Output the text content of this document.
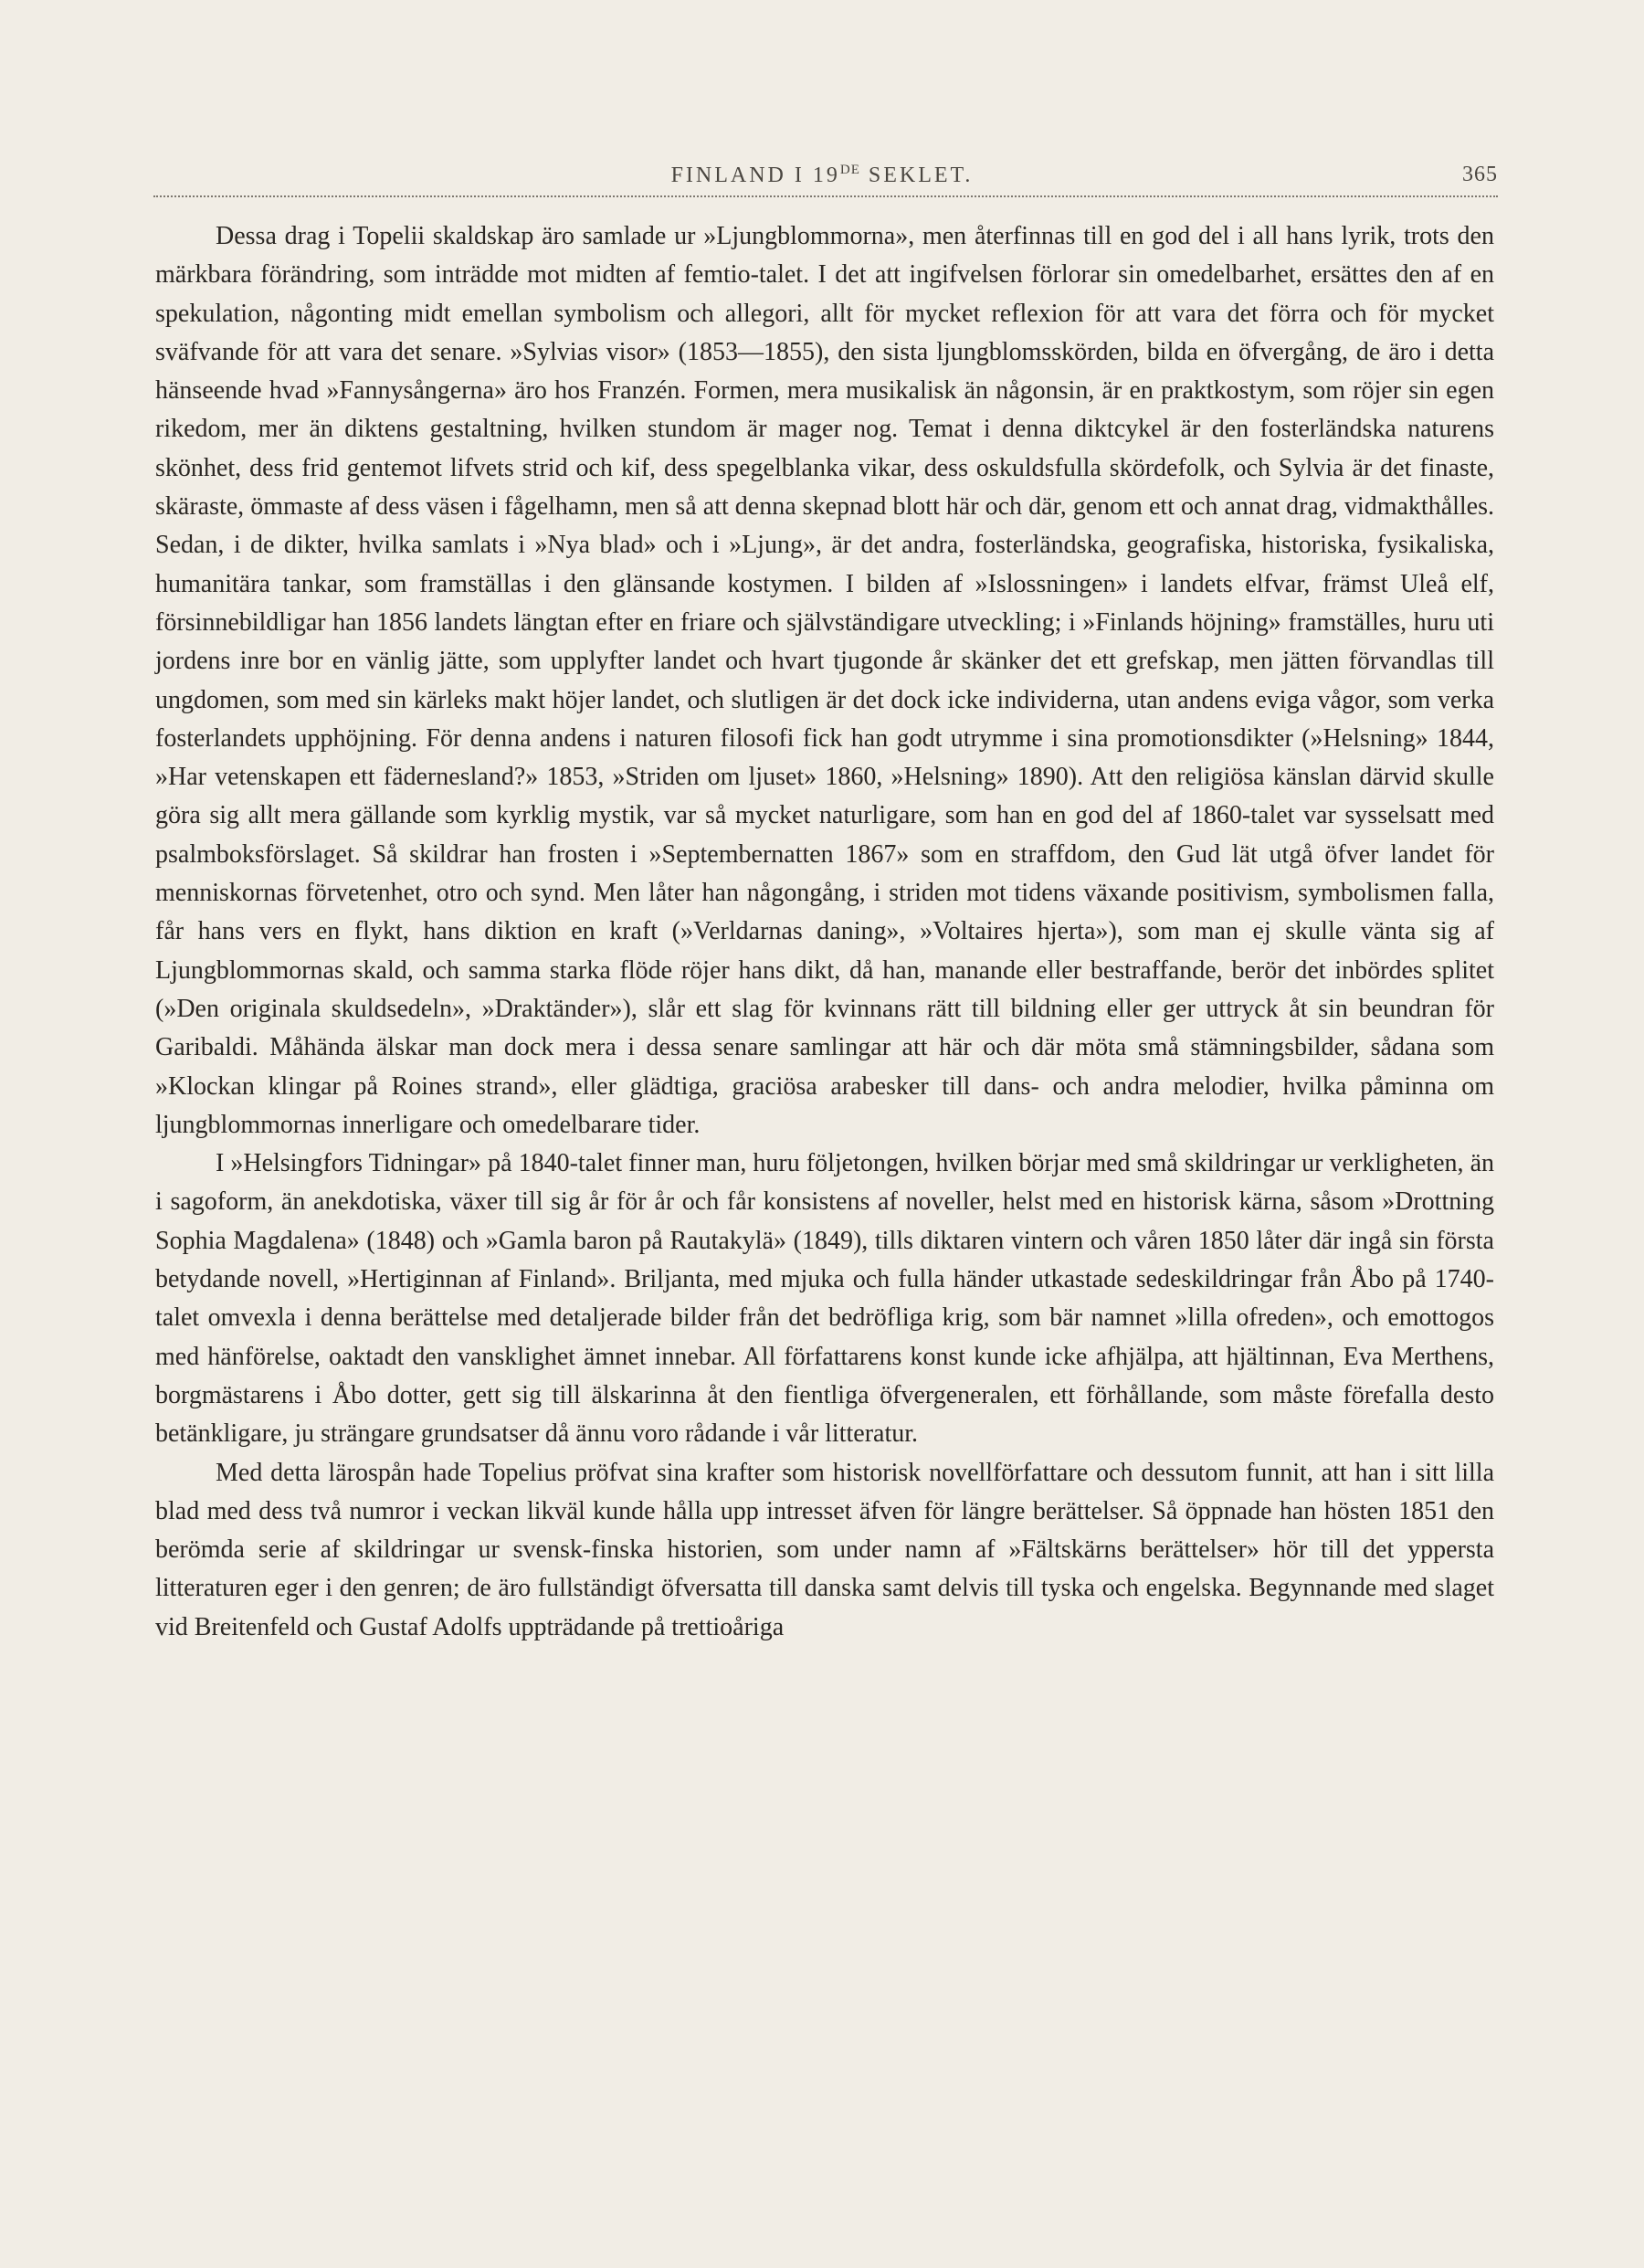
FINLAND I 19DE SEKLET.	365

Dessa drag i Topelii skaldskap äro samlade ur »Ljungblommorna», men återfinnas till en god del i all hans lyrik, trots den märkbara förändring, som inträdde mot midten af femtio-talet. I det att ingifvelsen förlorar sin omedelbarhet, ersättes den af en spekulation, någonting midt emellan symbolism och allegori, allt för mycket reflexion för att vara det förra och för mycket sväfvande för att vara det senare. »Sylvias visor» (1853—1855), den sista ljungblomsskörden, bilda en öfvergång, de äro i detta hänseende hvad »Fannysångerna» äro hos Franzén. Formen, mera musikalisk än någonsin, är en praktkostym, som röjer sin egen rikedom, mer än diktens gestaltning, hvilken stundom är mager nog. Temat i denna diktcykel är den fosterländska naturens skönhet, dess frid gentemot lifvets strid och kif, dess spegelblanka vikar, dess oskuldsfulla skördefolk, och Sylvia är det finaste, skäraste, ömmaste af dess väsen i fågelhamn, men så att denna skepnad blott här och där, genom ett och annat drag, vidmakthålles. Sedan, i de dikter, hvilka samlats i »Nya blad» och i »Ljung», är det andra, fosterländska, geografiska, historiska, fysikaliska, humanitära tankar, som framställas i den glänsande kostymen. I bilden af »Islossningen» i landets elfvar, främst Uleå elf, försinnebildligar han 1856 landets längtan efter en friare och självständigare utveckling; i »Finlands höjning» framställes, huru uti jordens inre bor en vänlig jätte, som upplyfter landet och hvart tjugonde år skänker det ett grefskap, men jätten förvandlas till ungdomen, som med sin kärleks makt höjer landet, och slutligen är det dock icke individerna, utan andens eviga vågor, som verka fosterlandets upphöjning. För denna andens i naturen filosofi fick han godt utrymme i sina promotionsdikter (»Helsning» 1844, »Har vetenskapen ett fädernesland?» 1853, »Striden om ljuset» 1860, »Helsning» 1890). Att den religiösa känslan därvid skulle göra sig allt mera gällande som kyrklig mystik, var så mycket naturligare, som han en god del af 1860-talet var sysselsatt med psalmboksförslaget. Så skildrar han frosten i »Septembernatten 1867» som en straffdom, den Gud lät utgå öfver landet för menniskornas förvetenhet, otro och synd. Men låter han någongång, i striden mot tidens växande positivism, symbolismen falla, får hans vers en flykt, hans diktion en kraft (»Verldarnas daning», »Voltaires hjerta»), som man ej skulle vänta sig af Ljungblommornas skald, och samma starka flöde röjer hans dikt, då han, manande eller bestraffande, berör det inbördes splitet (»Den originala skuldsedeln», »Draktänder»), slår ett slag för kvinnans rätt till bildning eller ger uttryck åt sin beundran för Garibaldi. Måhända älskar man dock mera i dessa senare samlingar att här och där möta små stämningsbilder, sådana som »Klockan klingar på Roines strand», eller glädtiga, graciösa arabesker till dans- och andra melodier, hvilka påminna om ljungblommornas innerligare och omedelbarare tider.

I »Helsingfors Tidningar» på 1840-talet finner man, huru följetongen, hvilken börjar med små skildringar ur verkligheten, än i sagoform, än anekdotiska, växer till sig år för år och får konsistens af noveller, helst med en historisk kärna, såsom »Drottning Sophia Magdalena» (1848) och »Gamla baron på Rautakylä» (1849), tills diktaren vintern och våren 1850 låter där ingå sin första betydande novell, »Hertiginnan af Finland». Briljanta, med mjuka och fulla händer utkastade sedeskildringar från Åbo på 1740-talet omvexla i denna berättelse med detaljerade bilder från det bedröfliga krig, som bär namnet »lilla ofreden», och emottogos med hänförelse, oaktadt den vansklighet ämnet innebar. All författarens konst kunde icke afhjälpa, att hjältinnan, Eva Merthens, borgmästarens i Åbo dotter, gett sig till älskarinna åt den fientliga öfvergeneralen, ett förhållande, som måste förefalla desto betänkligare, ju strängare grundsatser då ännu voro rådande i vår litteratur.

Med detta lärospån hade Topelius pröfvat sina krafter som historisk novellförfattare och dessutom funnit, att han i sitt lilla blad med dess två numror i veckan likväl kunde hålla upp intresset äfven för längre berättelser. Så öppnade han hösten 1851 den berömda serie af skildringar ur svensk-finska historien, som under namn af »Fältskärns berättelser» hör till det yppersta litteraturen eger i den genren; de äro fullständigt öfversatta till danska samt delvis till tyska och engelska. Begynnande med slaget vid Breitenfeld och Gustaf Adolfs uppträdande på trettioåriga
